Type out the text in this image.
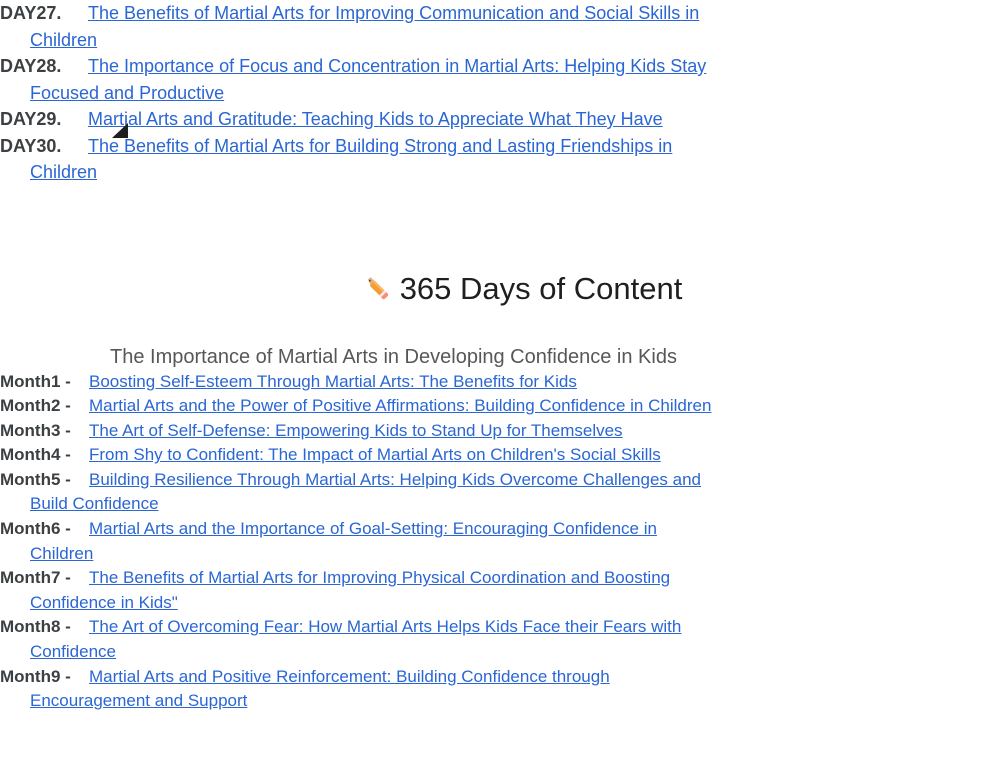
DAY27. The Benefits of Martial Arts for Improving Communication and Social Skills in Children
DAY28. The Importance of Focus and Concentration in Martial Arts: Helping Kids Stay Focused and Productive
DAY29. Martial Arts and Gratitude: Teaching Kids to Appreciate What They Have
DAY30. The Benefits of Martial Arts for Building Strong and Lasting Friendships in Children
365 Days of Content
The Importance of Martial Arts in Developing Confidence in Kids
Month1 - Boosting Self-Esteem Through Martial Arts: The Benefits for Kids
Month2 - Martial Arts and the Power of Positive Affirmations: Building Confidence in Children
Month3 - The Art of Self-Defense: Empowering Kids to Stand Up for Themselves
Month4 - From Shy to Confident: The Impact of Martial Arts on Children's Social Skills
Month5 - Building Resilience Through Martial Arts: Helping Kids Overcome Challenges and Build Confidence
Month6 - Martial Arts and the Importance of Goal-Setting: Encouraging Confidence in Children
Month7 - The Benefits of Martial Arts for Improving Physical Coordination and Boosting Confidence in Kids"
Month8 - The Art of Overcoming Fear: How Martial Arts Helps Kids Face their Fears with Confidence
Month9 - Martial Arts and Positive Reinforcement: Building Confidence through Encouragement and Support
